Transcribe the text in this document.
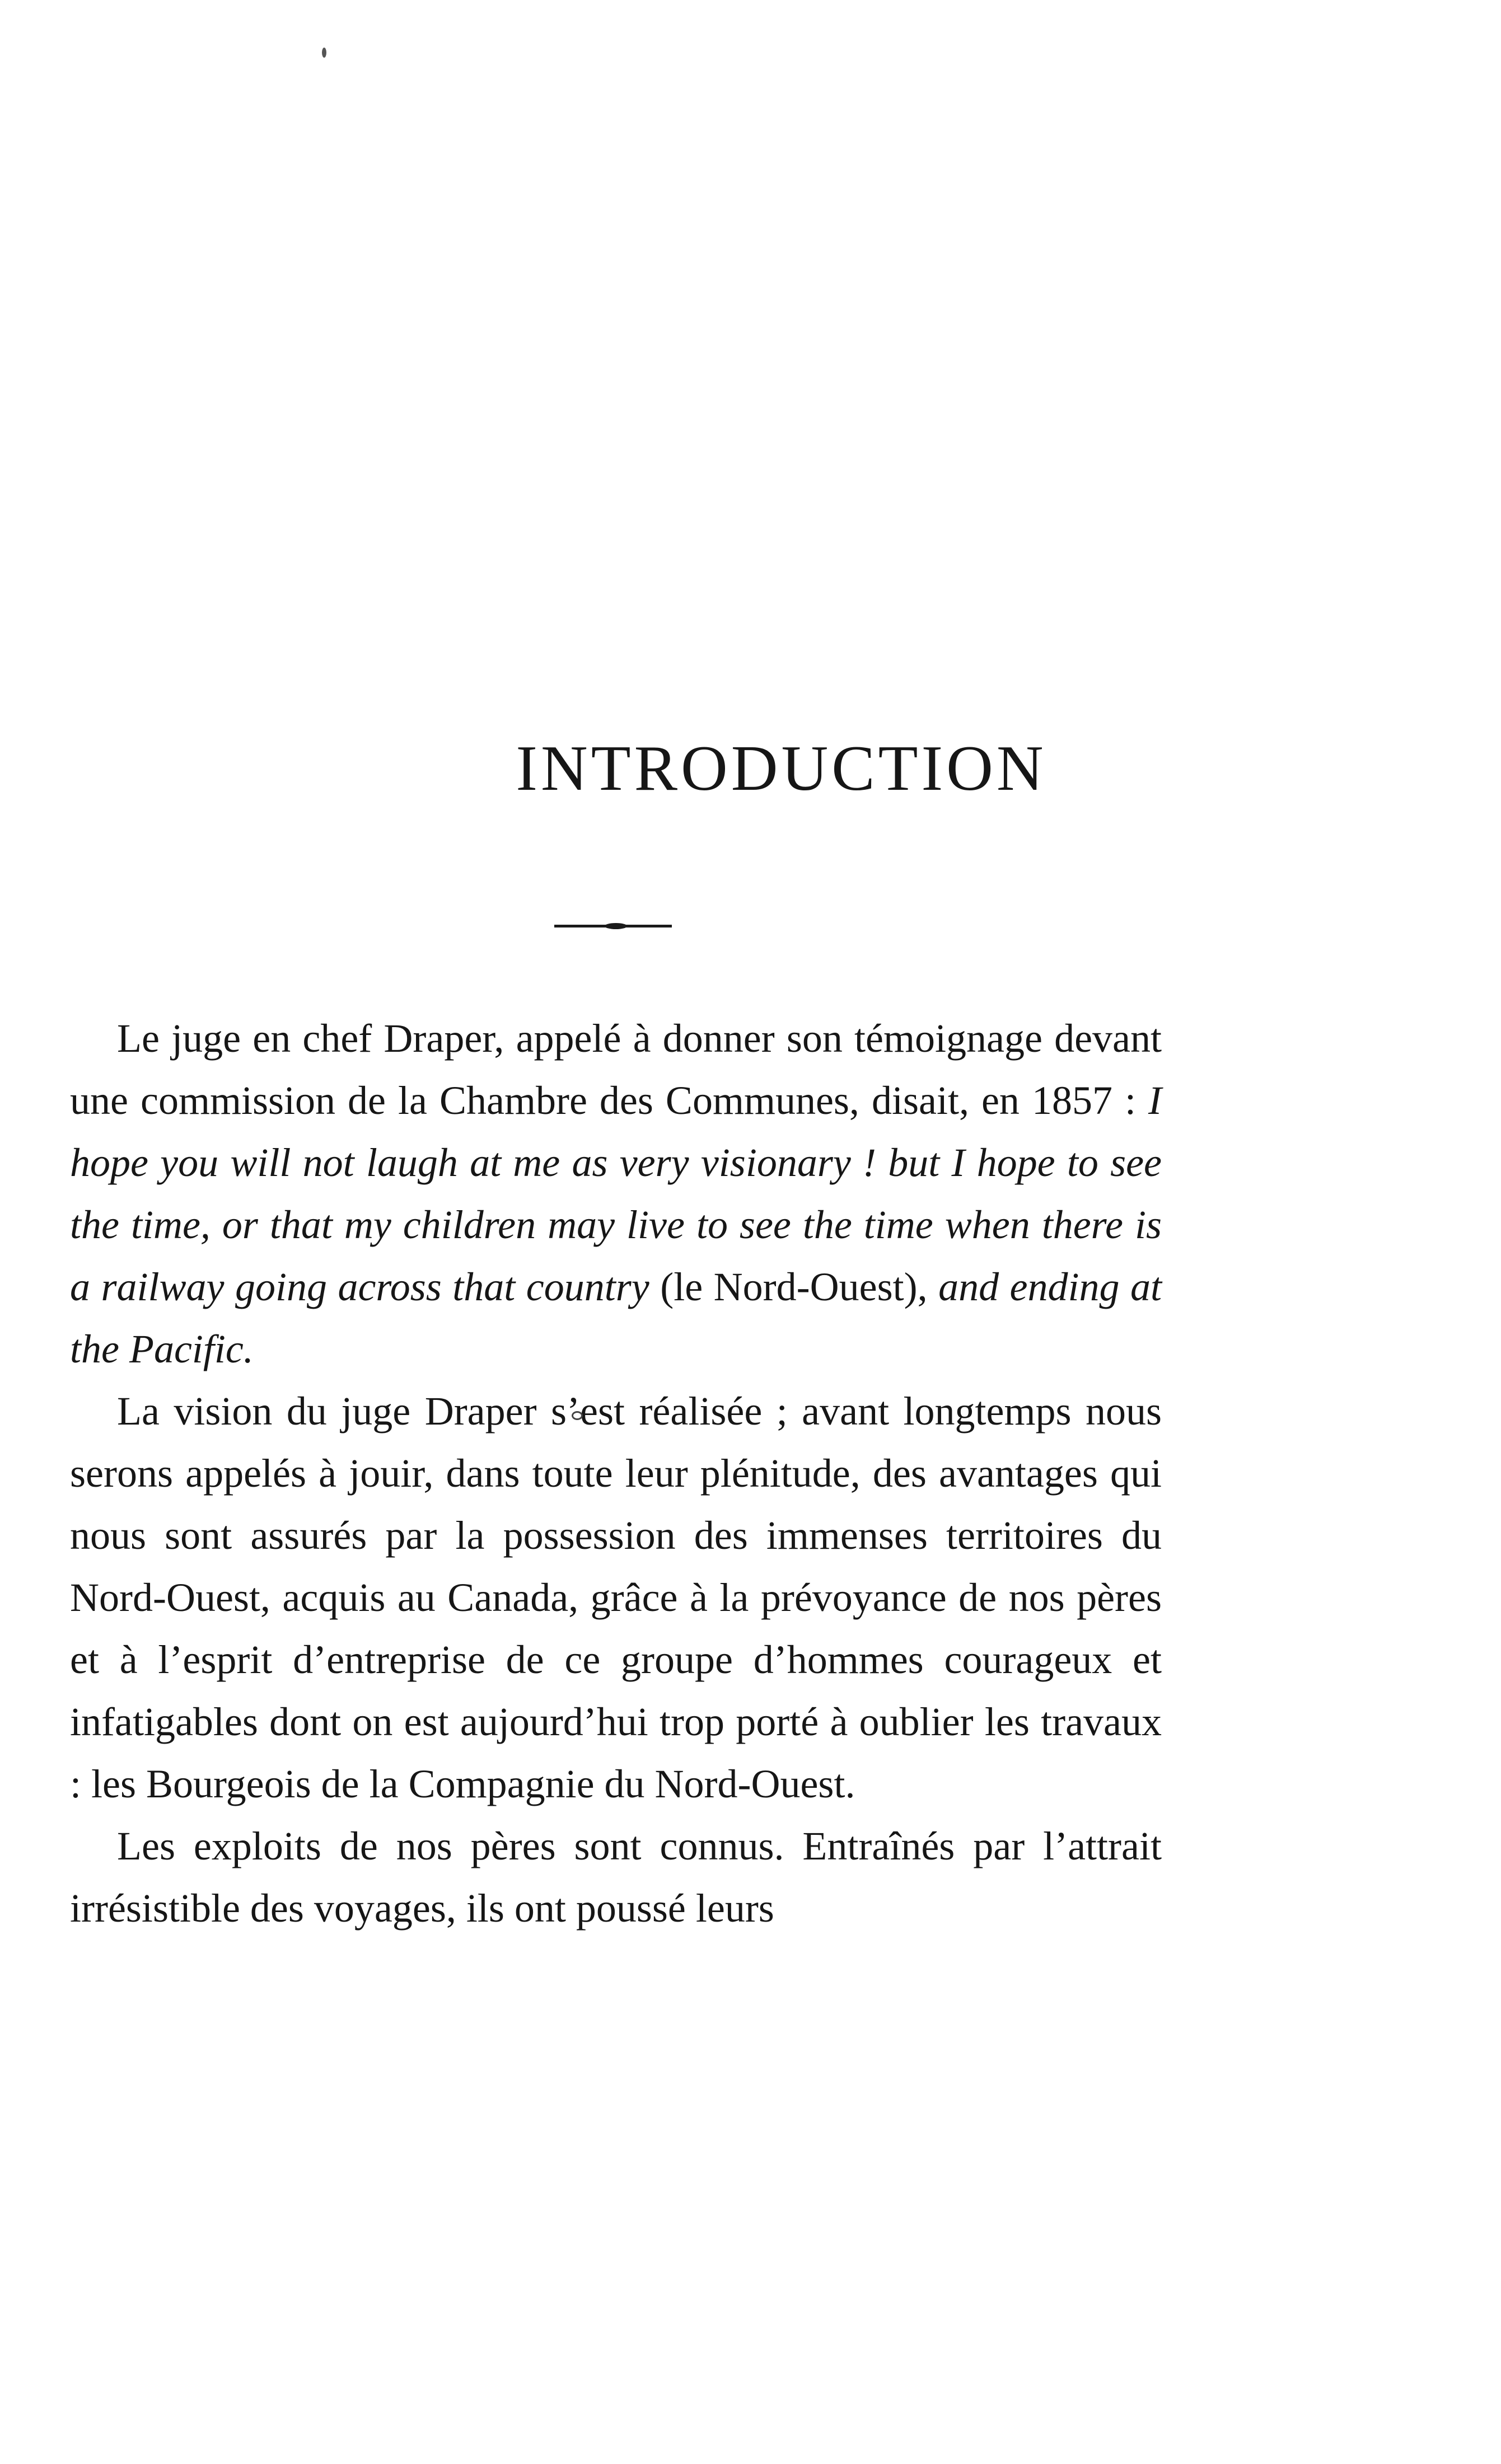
INTRODUCTION

Le juge en chef Draper, appelé à donner son témoignage devant une commission de la Chambre des Communes, disait, en 1857 : I hope you will not laugh at me as very visionary ! but I hope to see the time, or that my children may live to see the time when there is a railway going across that country (le Nord-Ouest), and ending at the Pacific.

La vision du juge Draper s’est réalisée ; avant longtemps nous serons appelés à jouir, dans toute leur plénitude, des avantages qui nous sont assurés par la possession des immenses territoires du Nord-Ouest, acquis au Canada, grâce à la prévoyance de nos pères et à l’esprit d’entreprise de ce groupe d’hommes courageux et infatigables dont on est aujourd’hui trop porté à oublier les travaux : les Bourgeois de la Compagnie du Nord-Ouest.

Les exploits de nos pères sont connus. Entraînés par l’attrait irrésistible des voyages, ils ont poussé leurs
